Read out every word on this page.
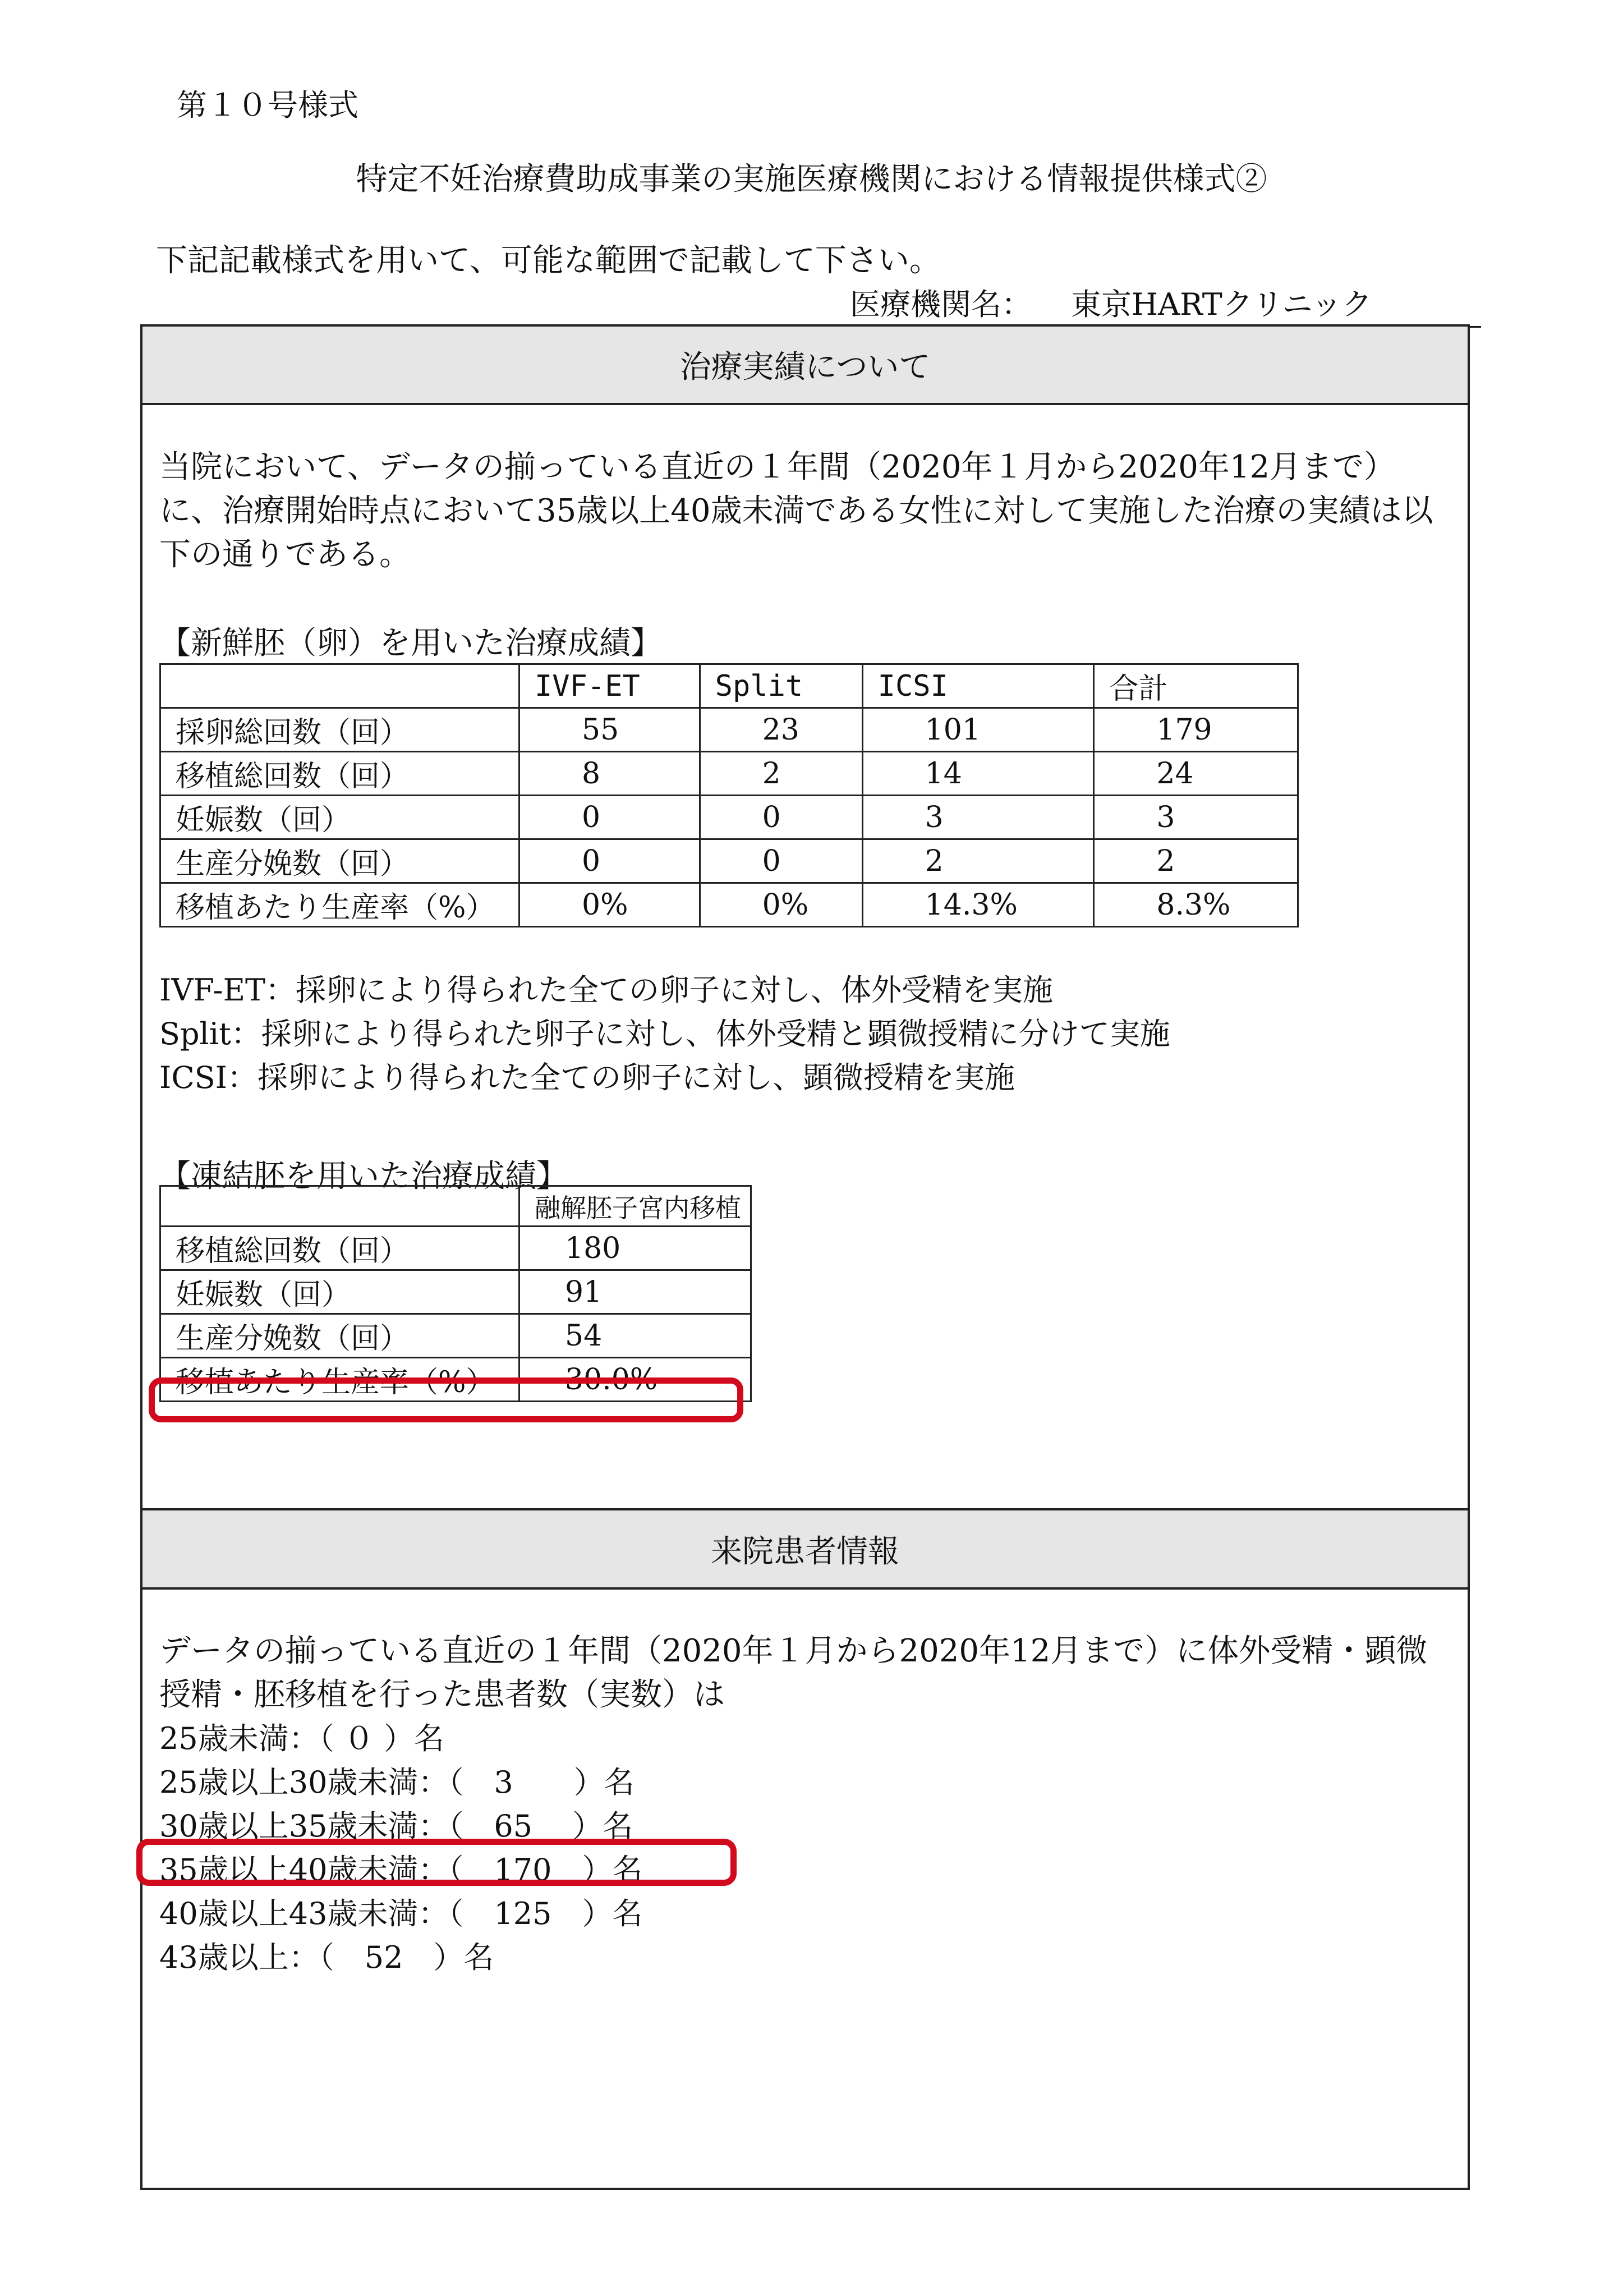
第１０号様式
特定不妊治療費助成事業の実施医療機関における情報提供様式②
下記記載様式を用いて、可能な範囲で記載して下さい。
医療機関名： 東京HARTクリニック
治療実績について
当院において、データの揃っている直近の１年間（2020年１月から2020年12月まで）に、治療開始時点において35歳以上40歳未満である女性に対して実施した治療の実績は以下の通りである。
【新鮮胚（卵）を用いた治療成績】
	IVF-ET	Split	ICSI	合計
採卵総回数（回）	55	23	101	179
移植総回数（回）	8	2	14	24
妊娠数（回）	0	0	3	3
生産分娩数（回）	0	0	2	2
移植あたり生産率（%）	0%	0%	14.3%	8.3%
IVF-ET：採卵により得られた全ての卵子に対し、体外受精を実施
Split：採卵により得られた卵子に対し、体外受精と顕微授精に分けて実施
ICSI：採卵により得られた全ての卵子に対し、顕微授精を実施
【凍結胚を用いた治療成績】
	融解胚子宮内移植
移植総回数（回）	180
妊娠数（回）	91
生産分娩数（回）	54
移植あたり生産率（%）	30.0%
来院患者情報
データの揃っている直近の１年間（2020年１月から2020年12月まで）に体外受精・顕微授精・胚移植を行った患者数（実数）は
25歳未満：（ ０ ）名
25歳以上30歳未満：（　3　　）名
30歳以上35歳未満：（　65　 ）名
35歳以上40歳未満：（　170　）名
40歳以上43歳未満：（　125　）名
43歳以上：（　52　）名
